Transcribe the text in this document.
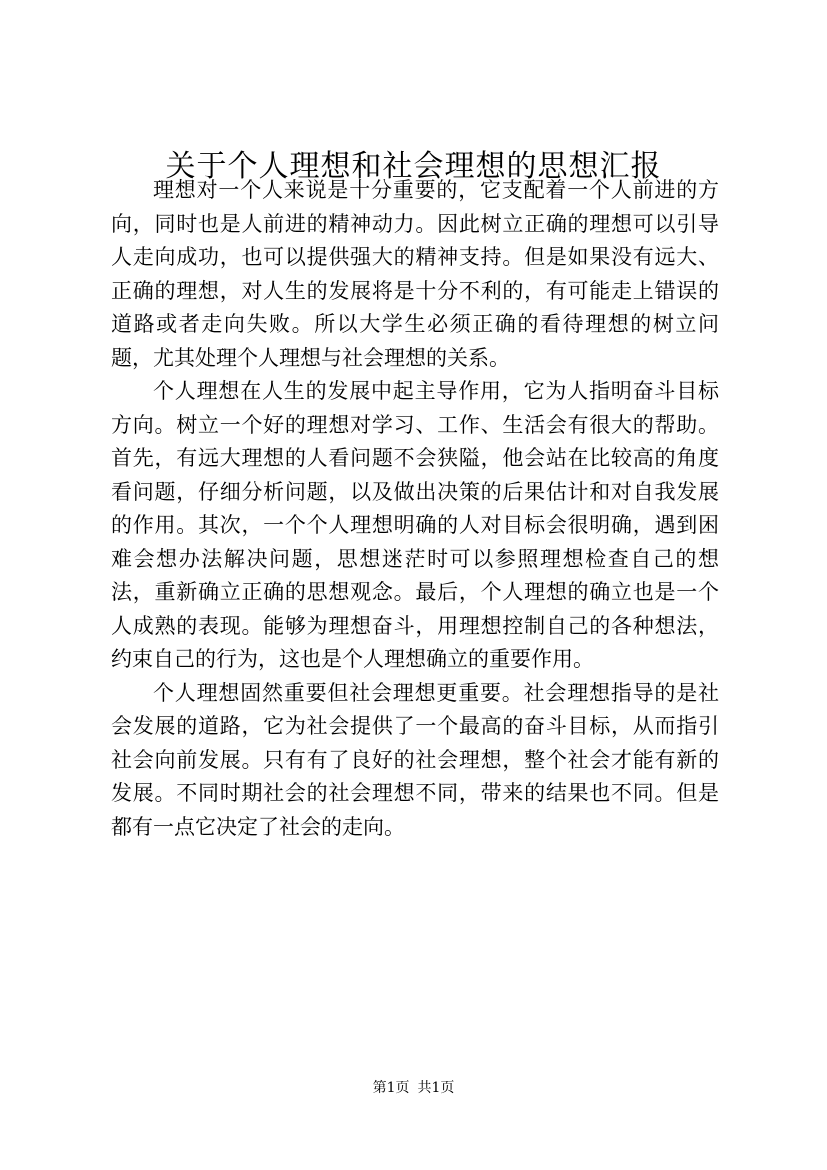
关于个人理想和社会理想的思想汇报

理想对一个人来说是十分重要的，它支配着一个人前进的方向，同时也是人前进的精神动力。因此树立正确的理想可以引导人走向成功，也可以提供强大的精神支持。但是如果没有远大、正确的理想，对人生的发展将是十分不利的，有可能走上错误的道路或者走向失败。所以大学生必须正确的看待理想的树立问题，尤其处理个人理想与社会理想的关系。

个人理想在人生的发展中起主导作用，它为人指明奋斗目标方向。树立一个好的理想对学习、工作、生活会有很大的帮助。首先，有远大理想的人看问题不会狭隘，他会站在比较高的角度看问题，仔细分析问题，以及做出决策的后果估计和对自我发展的作用。其次，一个个人理想明确的人对目标会很明确，遇到困难会想办法解决问题，思想迷茫时可以参照理想检查自己的想法，重新确立正确的思想观念。最后，个人理想的确立也是一个人成熟的表现。能够为理想奋斗，用理想控制自己的各种想法，约束自己的行为，这也是个人理想确立的重要作用。

个人理想固然重要但社会理想更重要。社会理想指导的是社会发展的道路，它为社会提供了一个最高的奋斗目标，从而指引社会向前发展。只有有了良好的社会理想，整个社会才能有新的发展。不同时期社会的社会理想不同，带来的结果也不同。但是都有一点它决定了社会的走向。

第1页 共1页
